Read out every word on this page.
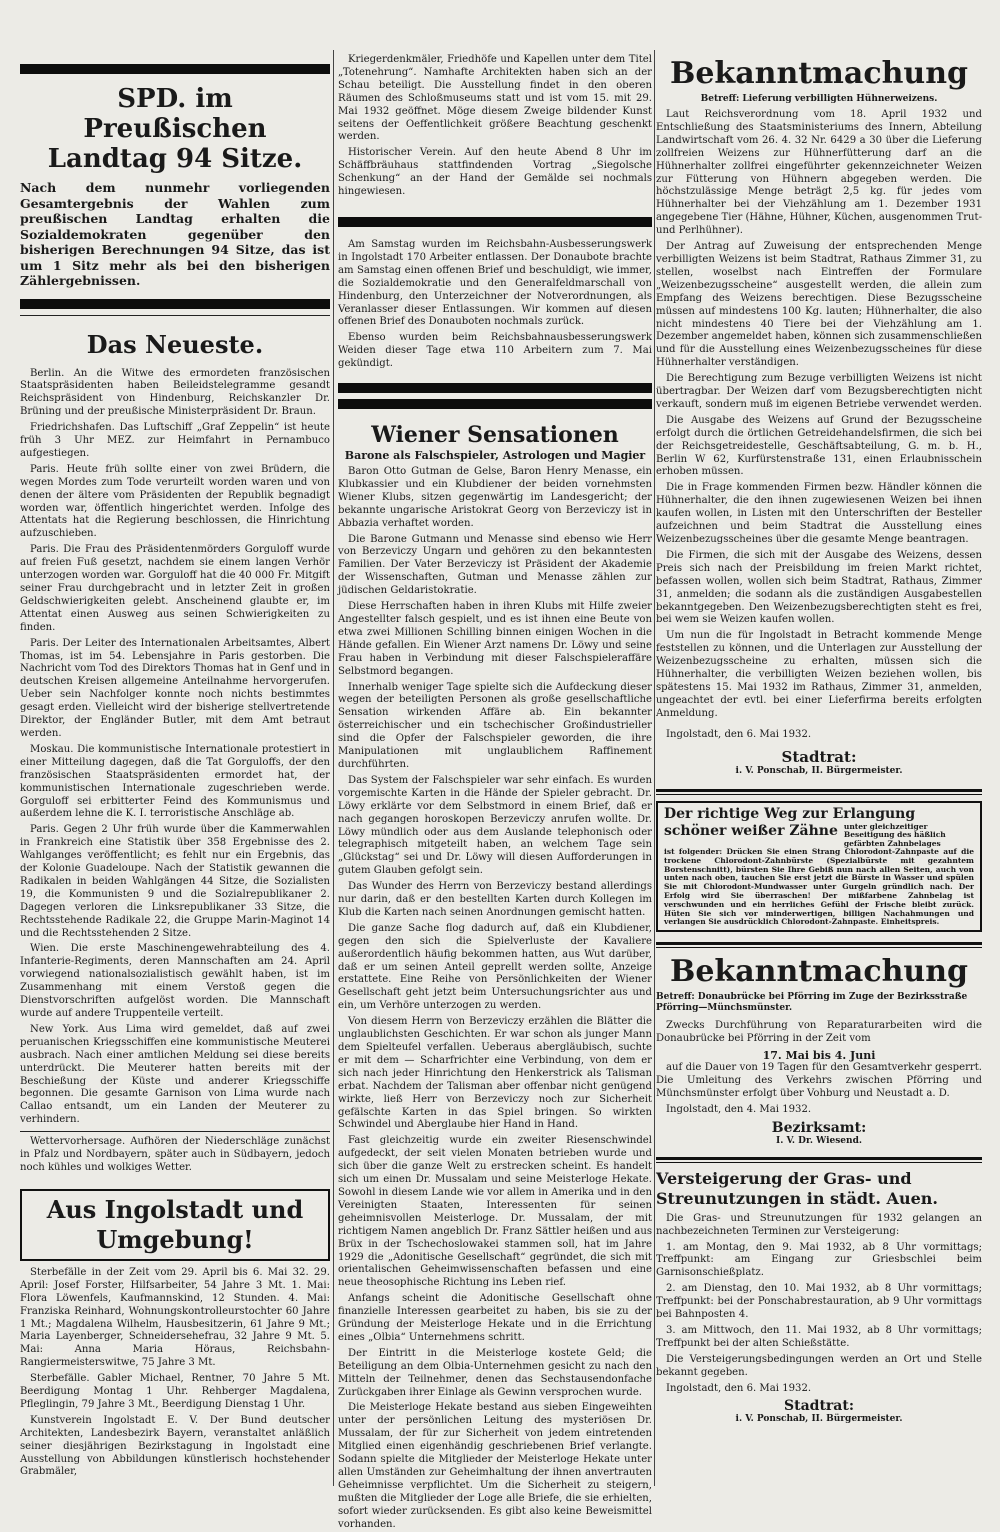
SPD. im Preußischen Landtag 94 Sitze.
Nach dem nunmehr vorliegenden Gesamtergebnis der Wahlen zum preußischen Landtag erhalten die Sozialdemokraten gegenüber den bisherigen Berechnungen 94 Sitze, das ist um 1 Sitz mehr als bei den bisherigen Zählergebnissen.
Das Neueste.

Berlin. An die Witwe des ermordeten französischen Staatspräsidenten haben Beileidstelegramme gesandt Reichspräsident von Hindenburg, Reichskanzler Dr. Brüning und der preußische Ministerpräsident Dr. Braun.

Friedrichshafen. Das Luftschiff „Graf Zeppelin“ ist heute früh 3 Uhr MEZ. zur Heimfahrt in Pernambuco aufgestiegen.

Paris. Heute früh sollte einer von zwei Brüdern, die wegen Mordes zum Tode verurteilt worden waren und von denen der ältere vom Präsidenten der Republik begnadigt worden war, öffentlich hingerichtet werden. Infolge des Attentats hat die Regierung beschlossen, die Hinrichtung aufzuschieben.

Paris. Die Frau des Präsidentenmörders Gorguloff wurde auf freien Fuß gesetzt, nachdem sie einem langen Verhör unterzogen worden war. Gorguloff hat die 40 000 Fr. Mitgift seiner Frau durchgebracht und in letzter Zeit in großen Geldschwierigkeiten gelebt. Anscheinend glaubte er, im Attentat einen Ausweg aus seinen Schwierigkeiten zu finden.

Paris. Der Leiter des Internationalen Arbeitsamtes, Albert Thomas, ist im 54. Lebensjahre in Paris gestorben. Die Nachricht vom Tod des Direktors Thomas hat in Genf und in deutschen Kreisen allgemeine Anteilnahme hervorgerufen. Ueber sein Nachfolger konnte noch nichts bestimmtes gesagt erden. Vielleicht wird der bisherige stellvertretende Direktor, der Engländer Butler, mit dem Amt betraut werden.

Moskau. Die kommunistische Internationale protestiert in einer Mitteilung dagegen, daß die Tat Gorguloffs, der den französischen Staatspräsidenten ermordet hat, der kommunistischen Internationale zugeschrieben werde. Gorguloff sei erbitterter Feind des Kommunismus und außerdem lehne die K. I. terroristische Anschläge ab.

Paris. Gegen 2 Uhr früh wurde über die Kammerwahlen in Frankreich eine Statistik über 358 Ergebnisse des 2. Wahlganges veröffentlicht; es fehlt nur ein Ergebnis, das der Kolonie Guadeloupe. Nach der Statistik gewannen die Radikalen in beiden Wahlgängen 44 Sitze, die Sozialisten 19, die Kommunisten 9 und die Sozialrepublikaner 2. Dagegen verloren die Linksrepublikaner 33 Sitze, die Rechtsstehende Radikale 22, die Gruppe Marin-Maginot 14 und die Rechtsstehenden 2 Sitze.

Wien. Die erste Maschinengewehrabteilung des 4. Infanterie-Regiments, deren Mannschaften am 24. April vorwiegend nationalsozialistisch gewählt haben, ist im Zusammenhang mit einem Verstoß gegen die Dienstvorschriften aufgelöst worden. Die Mannschaft wurde auf andere Truppenteile verteilt.

New York. Aus Lima wird gemeldet, daß auf zwei peruanischen Kriegsschiffen eine kommunistische Meuterei ausbrach. Nach einer amtlichen Meldung sei diese bereits unterdrückt. Die Meuterer hatten bereits mit der Beschießung der Küste und anderer Kriegsschiffe begonnen. Die gesamte Garnison von Lima wurde nach Callao entsandt, um ein Landen der Meuterer zu verhindern.

Wettervorhersage. Aufhören der Niederschläge zunächst in Pfalz und Nordbayern, später auch in Südbayern, jedoch noch kühles und wolkiges Wetter.

Aus Ingolstadt und Umgebung!

Sterbefälle in der Zeit vom 29. April bis 6. Mai 32. 29. April: Josef Forster, Hilfsarbeiter, 54 Jahre 3 Mt. 1. Mai: Flora Löwenfels, Kaufmannskind, 12 Stunden. 4. Mai: Franziska Reinhard, Wohnungskontrolleurstochter 60 Jahre 1 Mt.; Magdalena Wilhelm, Hausbesitzerin, 61 Jahre 9 Mt.; Maria Layenberger, Schneidersehefrau, 32 Jahre 9 Mt. 5. Mai: Anna Maria Höraus, Reichsbahn-Rangiermeisterswitwe, 75 Jahre 3 Mt.

Sterbefälle. Gabler Michael, Rentner, 70 Jahre 5 Mt. Beerdigung Montag 1 Uhr. Rehberger Magdalena, Pfleglingin, 79 Jahre 3 Mt., Beerdigung Dienstag 1 Uhr.

Kunstverein Ingolstadt E. V. Der Bund deutscher Architekten, Landesbezirk Bayern, veranstaltet anläßlich seiner diesjährigen Bezirkstagung in Ingolstadt eine Ausstellung von Abbildungen künstlerisch hochstehender Grabmäler,

Kriegerdenkmäler, Friedhöfe und Kapellen unter dem Titel „Totenehrung“. Namhafte Architekten haben sich an der Schau beteiligt. Die Ausstellung findet in den oberen Räumen des Schloßmuseums statt und ist vom 15. mit 29. Mai 1932 geöffnet. Möge diesem Zweige bildender Kunst seitens der Oeffentlichkeit größere Beachtung geschenkt werden.

Historischer Verein. Auf den heute Abend 8 Uhr im Schäffbräuhaus stattfindenden Vortrag „Siegolsche Schenkung“ an der Hand der Gemälde sei nochmals hingewiesen.

Am Samstag wurden im Reichsbahn-Ausbesserungswerk in Ingolstadt 170 Arbeiter entlassen. Der Donaubote brachte am Samstag einen offenen Brief und beschuldigt, wie immer, die Sozialdemokratie und den Generalfeldmarschall von Hindenburg, den Unterzeichner der Notverordnungen, als Veranlasser dieser Entlassungen. Wir kommen auf diesen offenen Brief des Donauboten nochmals zurück.

Ebenso wurden beim Reichsbahnausbesserungswerk Weiden dieser Tage etwa 110 Arbeitern zum 7. Mai gekündigt.

Wiener Sensationen
Barone als Falschspieler, Astrologen und Magier

Baron Otto Gutman de Gelse, Baron Henry Menasse, ein Klubkassier und ein Klubdiener der beiden vornehmsten Wiener Klubs, sitzen gegenwärtig im Landesgericht; der bekannte ungarische Aristokrat Georg von Berzeviczy ist in Abbazia verhaftet worden.

Die Barone Gutmann und Menasse sind ebenso wie Herr von Berzeviczy Ungarn und gehören zu den bekanntesten Familien. Der Vater Berzeviczy ist Präsident der Akademie der Wissenschaften, Gutman und Menasse zählen zur jüdischen Geldaristokratie.

Diese Herrschaften haben in ihren Klubs mit Hilfe zweier Angestellter falsch gespielt, und es ist ihnen eine Beute von etwa zwei Millionen Schilling binnen einigen Wochen in die Hände gefallen. Ein Wiener Arzt namens Dr. Löwy und seine Frau haben in Verbindung mit dieser Falschspieleraffäre Selbstmord begangen.

Innerhalb weniger Tage spielte sich die Aufdeckung dieser wegen der beteiligten Personen als große gesellschaftliche Sensation wirkenden Affäre ab. Ein bekannter österreichischer und ein tschechischer Großindustrieller sind die Opfer der Falschspieler geworden, die ihre Manipulationen mit unglaublichem Raffinement durchführten.

Das System der Falschspieler war sehr einfach. Es wurden vorgemischte Karten in die Hände der Spieler gebracht. Dr. Löwy erklärte vor dem Selbstmord in einem Brief, daß er nach gegangen horoskopen Berzeviczy anrufen wollte. Dr. Löwy mündlich oder aus dem Auslande telephonisch oder telegraphisch mitgeteilt haben, an welchem Tage sein „Glückstag“ sei und Dr. Löwy will diesen Aufforderungen in gutem Glauben gefolgt sein.

Das Wunder des Herrn von Berzeviczy bestand allerdings nur darin, daß er den bestellten Karten durch Kollegen im Klub die Karten nach seinen Anordnungen gemischt hatten.

Die ganze Sache flog dadurch auf, daß ein Klubdiener, gegen den sich die Spielverluste der Kavaliere außerordentlich häufig bekommen hatten, aus Wut darüber, daß er um seinen Anteil geprellt werden sollte, Anzeige erstattete. Eine Reihe von Persönlichkeiten der Wiener Gesellschaft geht jetzt beim Untersuchungsrichter aus und ein, um Verhöre unterzogen zu werden.

Von diesem Herrn von Berzeviczy erzählen die Blätter die unglaublichsten Geschichten. Er war schon als junger Mann dem Spielteufel verfallen. Ueberaus abergläubisch, suchte er mit dem — Scharfrichter eine Verbindung, von dem er sich nach jeder Hinrichtung den Henkerstrick als Talisman erbat. Nachdem der Talisman aber offenbar nicht genügend wirkte, ließ Herr von Berzeviczy noch zur Sicherheit gefälschte Karten in das Spiel bringen. So wirkten Schwindel und Aberglaube hier Hand in Hand.

Fast gleichzeitig wurde ein zweiter Riesenschwindel aufgedeckt, der seit vielen Monaten betrieben wurde und sich über die ganze Welt zu erstrecken scheint. Es handelt sich um einen Dr. Mussalam und seine Meisterloge Hekate. Sowohl in diesem Lande wie vor allem in Amerika und in den Vereinigten Staaten, Interessenten für seinen geheimnisvollen Meisterloge. Dr. Mussalam, der mit richtigem Namen angeblich Dr. Franz Sättler heißen und aus Brüx in der Tschechoslowakei stammen soll, hat im Jahre 1929 die „Adonitische Gesellschaft“ gegründet, die sich mit orientalischen Geheimwissenschaften befassen und eine neue theosophische Richtung ins Leben rief.

Anfangs scheint die Adonitische Gesellschaft ohne finanzielle Interessen gearbeitet zu haben, bis sie zu der Gründung der Meisterloge Hekate und in die Errichtung eines „Olbia“ Unternehmens schritt.

Der Eintritt in die Meisterloge kostete Geld; die Beteiligung an dem Olbia-Unternehmen gesicht zu nach den Mitteln der Teilnehmer, denen das Sechstausendonfache Zurückgaben ihrer Einlage als Gewinn versprochen wurde.

Die Meisterloge Hekate bestand aus sieben Eingeweihten unter der persönlichen Leitung des mysteriösen Dr. Mussalam, der für zur Sicherheit von jedem eintretenden Mitglied einen eigenhändig geschriebenen Brief verlangte. Sodann spielte die Mitglieder der Meisterloge Hekate unter allen Umständen zur Geheimhaltung der ihnen anvertrauten Geheimnisse verpflichtet. Um die Sicherheit zu steigern, mußten die Mitglieder der Loge alle Briefe, die sie erhielten, sofort wieder zurücksenden. Es gibt also keine Beweismittel vorhanden.

Bekanntmachung
Betreff: Lieferung verbilligten Hühnerweizens.

Laut Reichsverordnung vom 18. April 1932 und Entschließung des Staatsministeriums des Innern, Abteilung Landwirtschaft vom 26. 4. 32 Nr. 6429 a 30 über die Lieferung zollfreien Weizens zur Hühnerfütterung darf an die Hühnerhalter zollfrei eingeführter gekennzeichneter Weizen zur Fütterung von Hühnern abgegeben werden. Die höchstzulässige Menge beträgt 2,5 kg. für jedes vom Hühnerhalter bei der Viehzählung am 1. Dezember 1931 angegebene Tier (Hähne, Hühner, Küchen, ausgenommen Trut- und Perlhühner).

Der Antrag auf Zuweisung der entsprechenden Menge verbilligten Weizens ist beim Stadtrat, Rathaus Zimmer 31, zu stellen, woselbst nach Eintreffen der Formulare „Weizenbezugsscheine“ ausgestellt werden, die allein zum Empfang des Weizens berechtigen. Diese Bezugsscheine müssen auf mindestens 100 Kg. lauten; Hühnerhalter, die also nicht mindestens 40 Tiere bei der Viehzählung am 1. Dezember angemeldet haben, können sich zusammenschließen und für die Ausstellung eines Weizenbezugsscheines für diese Hühnerhalter verständigen.

Die Berechtigung zum Bezuge verbilligten Weizens ist nicht übertragbar. Der Weizen darf vom Bezugsberechtigten nicht verkauft, sondern muß im eigenen Betriebe verwendet werden.

Die Ausgabe des Weizens auf Grund der Bezugsscheine erfolgt durch die örtlichen Getreidehandelsfirmen, die sich bei der Reichsgetreidestelle, Geschäftsabteilung, G. m. b. H., Berlin W 62, Kurfürstenstraße 131, einen Erlaubnisschein erhoben müssen.

Die in Frage kommenden Firmen bezw. Händler können die Hühnerhalter, die den ihnen zugewiesenen Weizen bei ihnen kaufen wollen, in Listen mit den Unterschriften der Besteller aufzeichnen und beim Stadtrat die Ausstellung eines Weizenbezugsscheines über die gesamte Menge beantragen.

Die Firmen, die sich mit der Ausgabe des Weizens, dessen Preis sich nach der Preisbildung im freien Markt richtet, befassen wollen, wollen sich beim Stadtrat, Rathaus, Zimmer 31, anmelden; die sodann als die zuständigen Ausgabestellen bekanntgegeben. Den Weizenbezugsberechtigten steht es frei, bei wem sie Weizen kaufen wollen.

Um nun die für Ingolstadt in Betracht kommende Menge feststellen zu können, und die Unterlagen zur Ausstellung der Weizenbezugsscheine zu erhalten, müssen sich die Hühnerhalter, die verbilligten Weizen beziehen wollen, bis spätestens 15. Mai 1932 im Rathaus, Zimmer 31, anmelden, ungeachtet der evtl. bei einer Lieferfirma bereits erfolgten Anmeldung.

Ingolstadt, den 6. Mai 1932.

Stadtrat:
i. V. Ponschab, II. Bürgermeister.
Der richtige Weg zur Erlangung
schöner weißer Zähne unter gleichzeitiger Beseitigung des häßlich gefärbten Zahnbelages
ist folgender: Drücken Sie einen Strang Chlorodont-Zahnpaste auf die trockene Chlorodont-Zahnbürste (Spezialbürste mit gezahntem Borstenschnitt), bürsten Sie Ihre Gebiß nun nach allen Seiten, auch von unten nach oben, tauchen Sie erst jetzt die Bürste in Wasser und spülen Sie mit Chlorodont-Mundwasser unter Gurgeln gründlich nach. Der Erfolg wird Sie überraschen! Der mißfarbene Zahnbelag ist verschwunden und ein herrliches Gefühl der Frische bleibt zurück. Hüten Sie sich vor minderwertigen, billigen Nachahmungen und verlangen Sie ausdrücklich Chlorodont-Zahnpaste. Einheitspreis.
Bekanntmachung
Betreff: Donaubrücke bei Pförring im Zuge der Bezirksstraße Pförring—Münchsmünster.

Zwecks Durchführung von Reparaturarbeiten wird die Donaubrücke bei Pförring in der Zeit vom

17. Mai bis 4. Juni

auf die Dauer von 19 Tagen für den Gesamtverkehr gesperrt. Die Umleitung des Verkehrs zwischen Pförring und Münchsmünster erfolgt über Vohburg und Neustadt a. D.

Ingolstadt, den 4. Mai 1932.

Bezirksamt:
I. V. Dr. Wiesend.
Versteigerung der Gras- und Streunutzungen in städt. Auen.

Die Gras- und Streunutzungen für 1932 gelangen an nachbezeichneten Terminen zur Versteigerung:

1. am Montag, den 9. Mai 1932, ab 8 Uhr vormittags; Treffpunkt: am Eingang zur Griesbschlei beim Garnisonschießplatz.

2. am Dienstag, den 10. Mai 1932, ab 8 Uhr vormittags; Treffpunkt: bei der Ponschabrestauration, ab 9 Uhr vormittags bei Bahnposten 4.

3. am Mittwoch, den 11. Mai 1932, ab 8 Uhr vormittags; Treffpunkt bei der alten Schießstätte.

Die Versteigerungsbedingungen werden an Ort und Stelle bekannt gegeben.

Ingolstadt, den 6. Mai 1932.

Stadtrat:
i. V. Ponschab, II. Bürgermeister.
